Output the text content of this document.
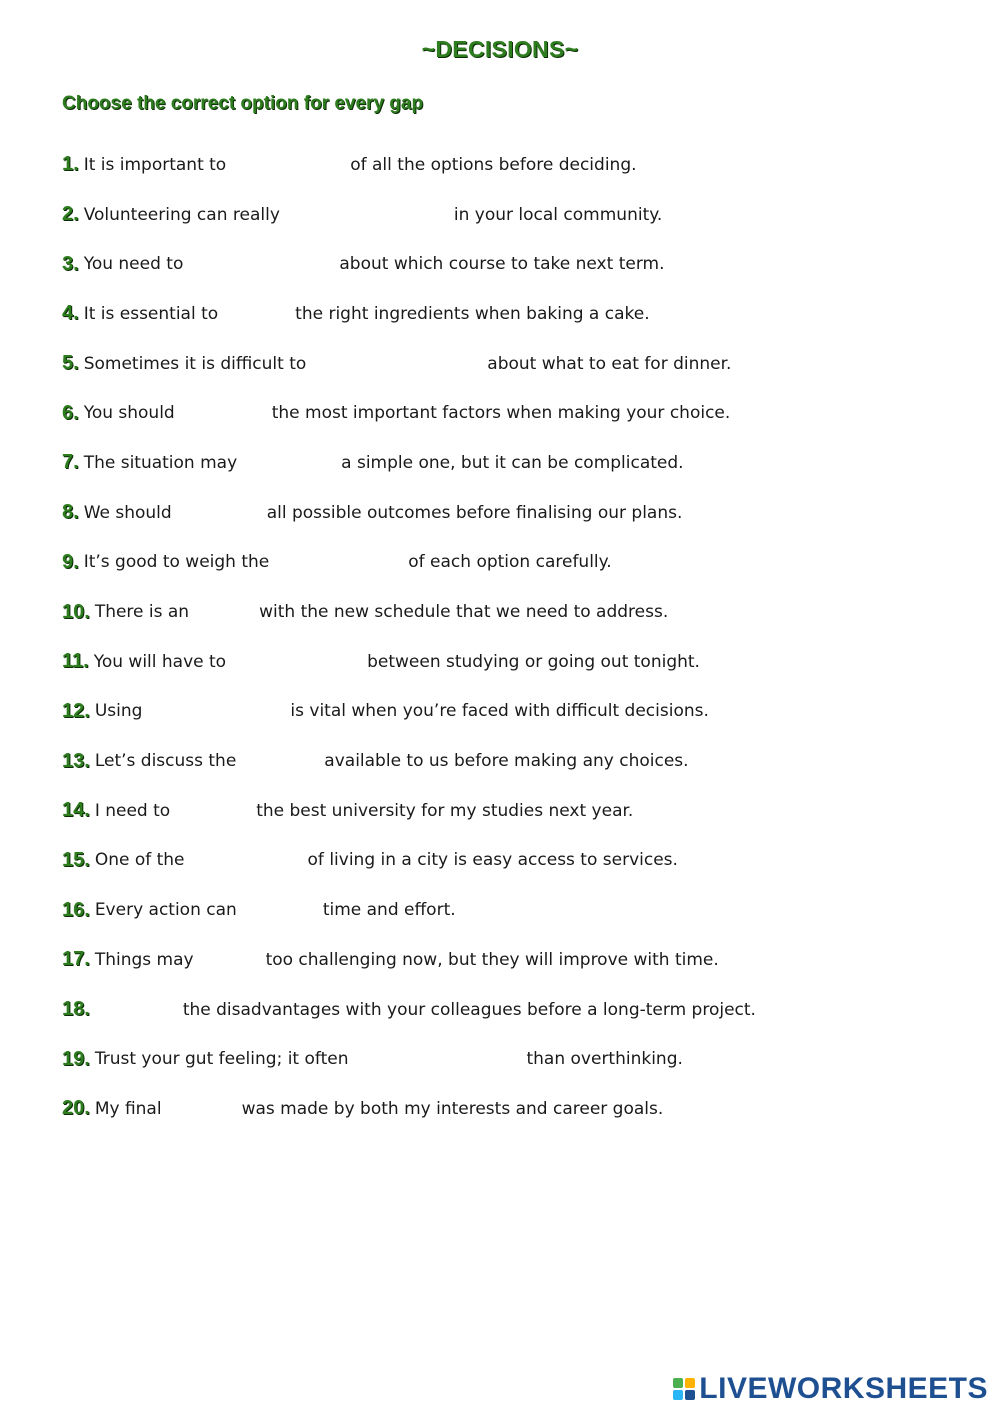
~DECISIONS~
Choose the correct option for every gap
1. It is important to	of all the options before deciding.
2. Volunteering can really	in your local community.
3. You need to	about which course to take next term.
4. It is essential to	the right ingredients when baking a cake.
5. Sometimes it is difficult to	about what to eat for dinner.
6. You should	the most important factors when making your choice.
7. The situation may	a simple one, but it can be complicated.
8. We should	all possible outcomes before finalising our plans.
9. It’s good to weigh the	of each option carefully.
10. There is an	with the new schedule that we need to address.
11. You will have to	between studying or going out tonight.
12. Using	is vital when you’re faced with difficult decisions.
13. Let’s discuss the	available to us before making any choices.
14. I need to	the best university for my studies next year.
15. One of the	of living in a city is easy access to services.
16. Every action can	time and effort.
17. Things may	too challenging now, but they will improve with time.
18.	the disadvantages with your colleagues before a long-term project.
19. Trust your gut feeling; it often	than overthinking.
20. My final	was made by both my interests and career goals.
LIVEWORKSHEETS
